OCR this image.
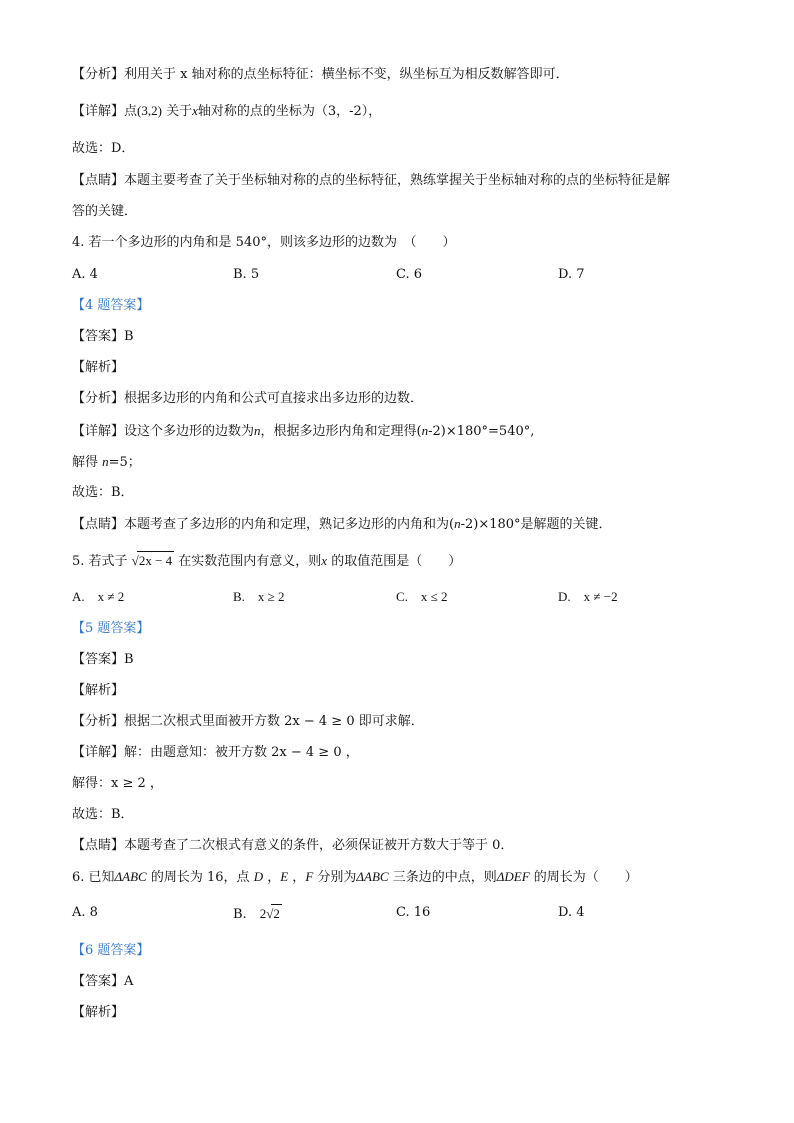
【分析】利用关于 x 轴对称的点坐标特征：横坐标不变，纵坐标互为相反数解答即可．
【详解】点(3,2) 关于x轴对称的点的坐标为（3，-2），
故选：D．
【点睛】本题主要考查了关于坐标轴对称的点的坐标特征，熟练掌握关于坐标轴对称的点的坐标特征是解
答的关键．
4. 若一个多边形的内角和是 540°，则该多边形的边数为　（　　）
A. 4	B. 5	C. 6	D. 7
【4 题答案】
【答案】B
【解析】
【分析】根据多边形的内角和公式可直接求出多边形的边数．
【详解】设这个多边形的边数为n，根据多边形内角和定理得(n-2)×180°=540°,
解得 n=5；
故选：B．
【点睛】本题考查了多边形的内角和定理，熟记多边形的内角和为(n-2)×180°是解题的关键．
5. 若式子 √2x − 4 在实数范围内有意义，则x 的取值范围是（　　）
A.　x ≠ 2	B.　x ≥ 2	C.　x ≤ 2	D.　x ≠ −2
【5 题答案】
【答案】B
【解析】
【分析】根据二次根式里面被开方数 2x − 4 ≥ 0 即可求解．
【详解】解：由题意知：被开方数 2x − 4 ≥ 0 ，
解得：x ≥ 2 ，
故选：B．
【点睛】本题考查了二次根式有意义的条件，必须保证被开方数大于等于 0．
6. 已知ΔABC 的周长为 16，点 D ，E ，F 分别为ΔABC 三条边的中点，则ΔDEF 的周长为（　　）
A. 8	B.　2√2	C. 16	D. 4
【6 题答案】
【答案】A
【解析】
